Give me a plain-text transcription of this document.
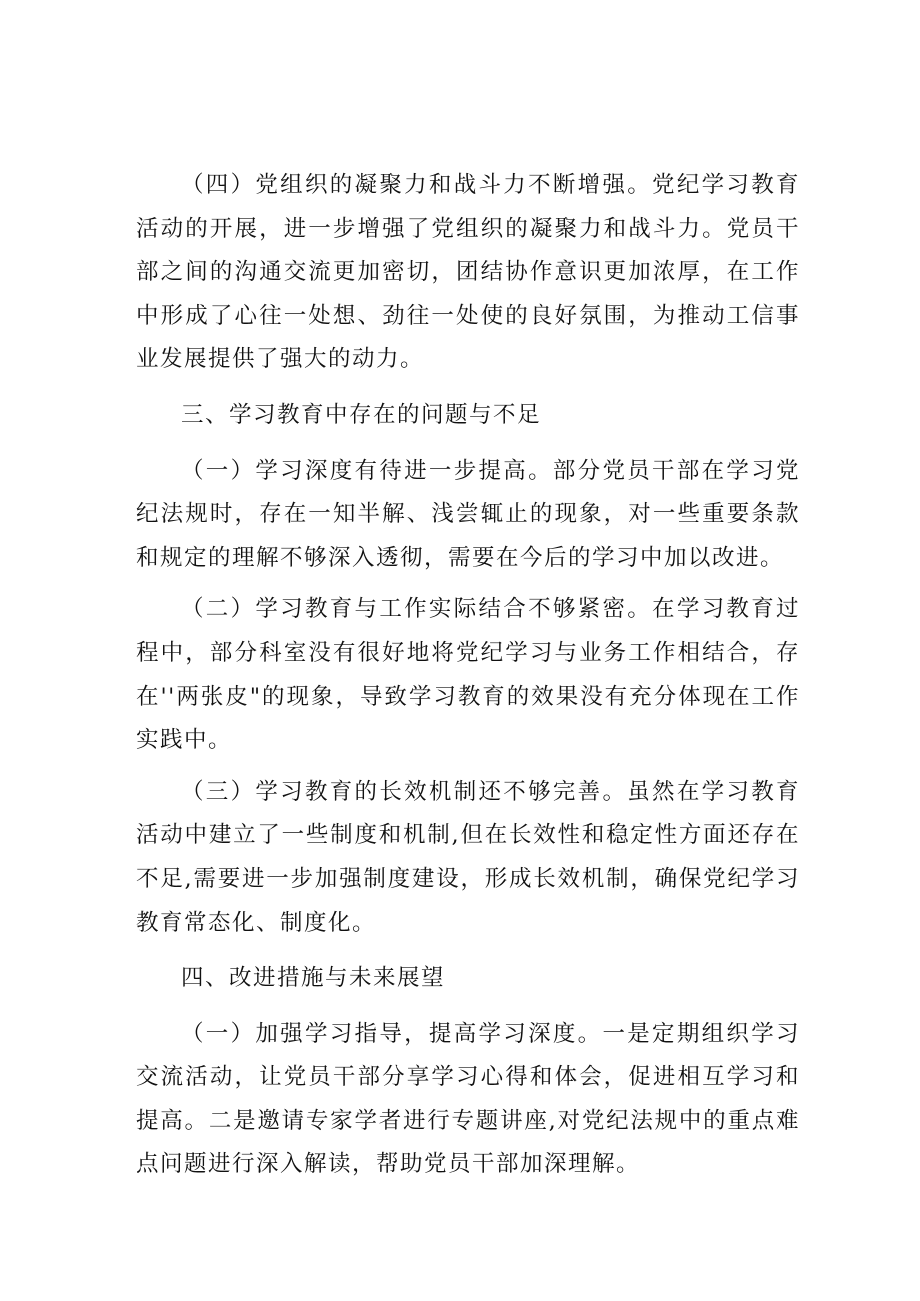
（四）党组织的凝聚力和战斗力不断增强。党纪学习教育活动的开展，进一步增强了党组织的凝聚力和战斗力。党员干部之间的沟通交流更加密切，团结协作意识更加浓厚，在工作中形成了心往一处想、劲往一处使的良好氛围，为推动工信事业发展提供了强大的动力。

三、学习教育中存在的问题与不足

（一）学习深度有待进一步提高。部分党员干部在学习党纪法规时，存在一知半解、浅尝辄止的现象，对一些重要条款和规定的理解不够深入透彻，需要在今后的学习中加以改进。

（二）学习教育与工作实际结合不够紧密。在学习教育过程中，部分科室没有很好地将党纪学习与业务工作相结合，存在''两张皮"的现象，导致学习教育的效果没有充分体现在工作实践中。

（三）学习教育的长效机制还不够完善。虽然在学习教育活动中建立了一些制度和机制,但在长效性和稳定性方面还存在不足,需要进一步加强制度建设，形成长效机制，确保党纪学习教育常态化、制度化。

四、改进措施与未来展望

（一）加强学习指导，提高学习深度。一是定期组织学习交流活动，让党员干部分享学习心得和体会，促进相互学习和提高。二是邀请专家学者进行专题讲座,对党纪法规中的重点难点问题进行深入解读，帮助党员干部加深理解。
